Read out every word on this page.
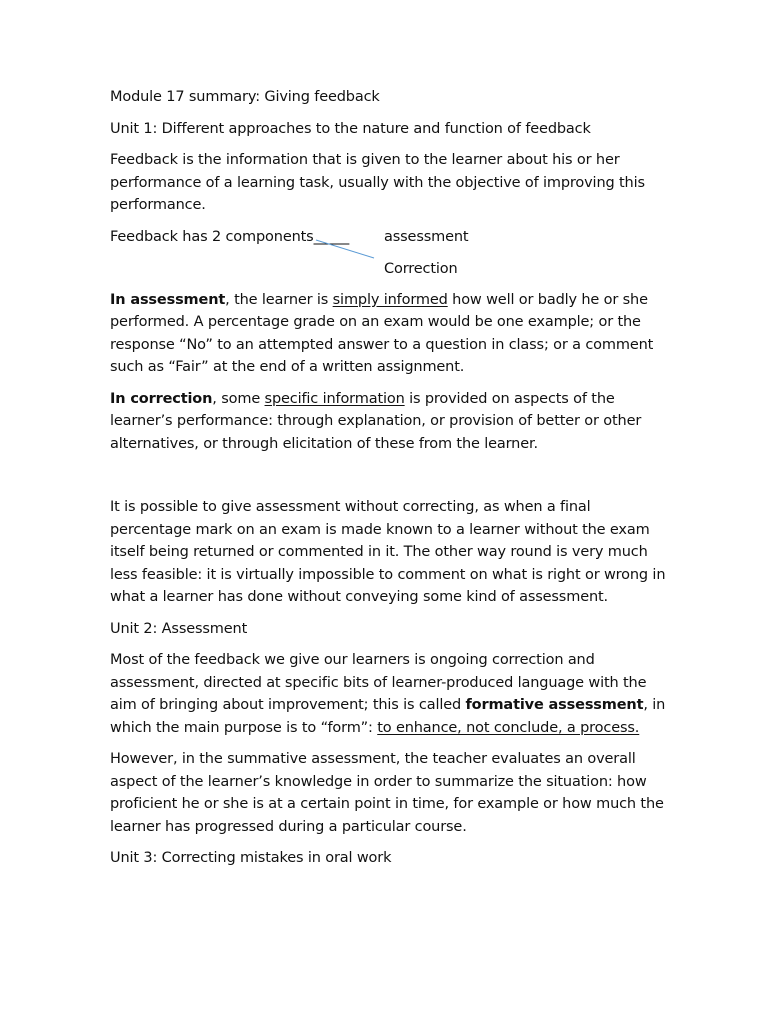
Module 17 summary: Giving feedback

Unit 1: Different approaches to the nature and function of feedback

Feedback is the information that is given to the learner about his or her performance of a learning task, usually with the objective of improving this performance.

Feedback has 2 components_____ assessment
Correction

In assessment, the learner is simply informed how well or badly he or she performed. A percentage grade on an exam would be one example; or the response “No” to an attempted answer to a question in class; or a comment such as “Fair” at the end of a written assignment.

In correction, some specific information is provided on aspects of the learner’s performance: through explanation, or provision of better or other alternatives, or through elicitation of these from the learner.

It is possible to give assessment without correcting, as when a final percentage mark on an exam is made known to a learner without the exam itself being returned or commented in it. The other way round is very much less feasible: it is virtually impossible to comment on what is right or wrong in what a learner has done without conveying some kind of assessment.

Unit 2: Assessment

Most of the feedback we give our learners is ongoing correction and assessment, directed at specific bits of learner-produced language with the aim of bringing about improvement; this is called formative assessment, in which the main purpose is to “form”: to enhance, not conclude, a process.

However, in the summative assessment, the teacher evaluates an overall aspect of the learner’s knowledge in order to summarize the situation: how proficient he or she is at a certain point in time, for example or how much the learner has progressed during a particular course.

Unit 3: Correcting mistakes in oral work
